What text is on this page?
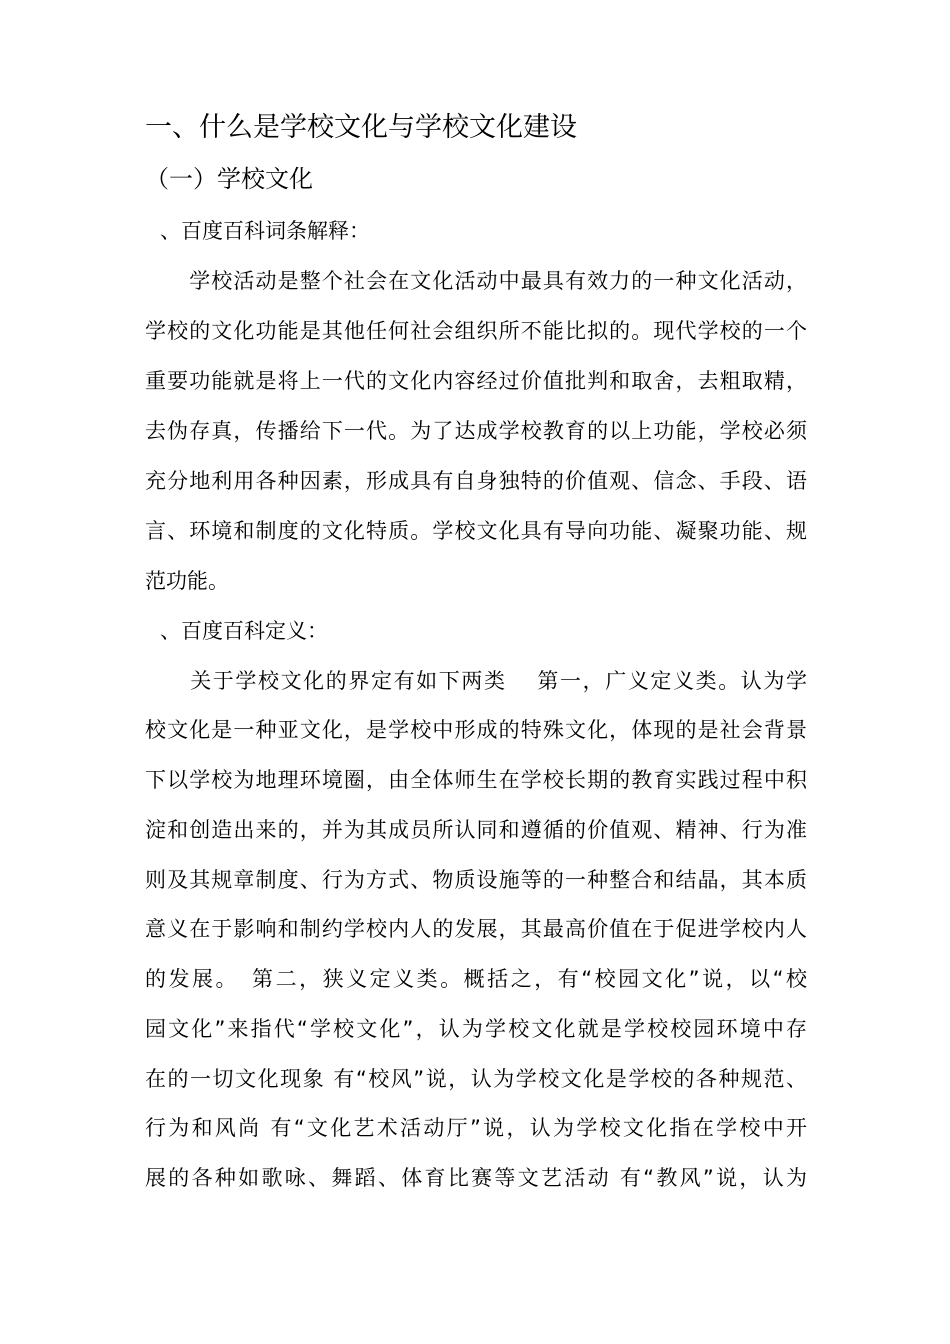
一、什么是学校文化与学校文化建设
（一）学校文化
、百度百科词条解释：
　　学校活动是整个社会在文化活动中最具有效力的一种文化活动，
学校的文化功能是其他任何社会组织所不能比拟的。现代学校的一个
重要功能就是将上一代的文化内容经过价值批判和取舍，去粗取精，
去伪存真，传播给下一代。为了达成学校教育的以上功能，学校必须
充分地利用各种因素，形成具有自身独特的价值观、信念、手段、语
言、环境和制度的文化特质。学校文化具有导向功能、凝聚功能、规
范功能。
、百度百科定义：
　　关于学校文化的界定有如下两类　 第一，广义定义类。认为学
校文化是一种亚文化，是学校中形成的特殊文化，体现的是社会背景
下以学校为地理环境圈，由全体师生在学校长期的教育实践过程中积
淀和创造出来的，并为其成员所认同和遵循的价值观、精神、行为准
则及其规章制度、行为方式、物质设施等的一种整合和结晶，其本质
意义在于影响和制约学校内人的发展，其最高价值在于促进学校内人
的发展。　第二，狭义定义类。概括之，有“校园文化”说，以“校
园文化”来指代“学校文化”，认为学校文化就是学校校园环境中存
在的一切文化现象 有“校风”说，认为学校文化是学校的各种规范、
行为和风尚 有“文化艺术活动厅”说，认为学校文化指在学校中开
展的各种如歌咏、舞蹈、体育比赛等文艺活动 有“教风”说，认为
